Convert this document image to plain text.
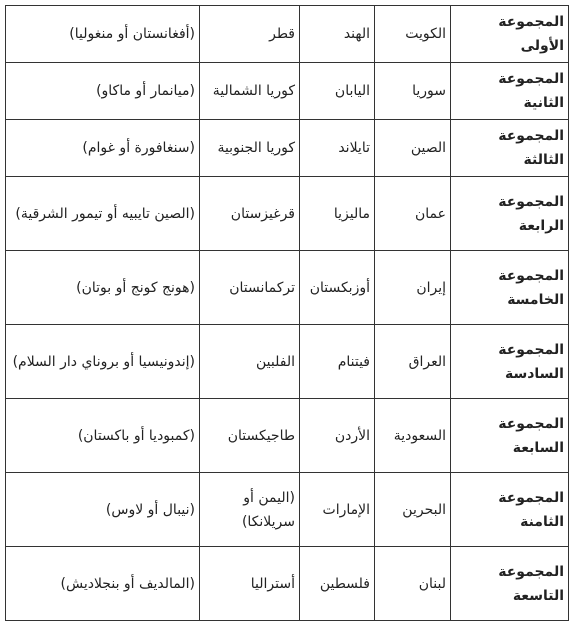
المجموعة الأولى	الكويت	الهند	قطر	(أفغانستان أو منغوليا)
المجموعة الثانية	سوريا	اليابان	كوريا الشمالية	(ميانمار أو ماكاو)
المجموعة الثالثة	الصين	تايلاند	كوريا الجنوبية	(سنغافورة أو غوام)
المجموعة الرابعة	عمان	ماليزيا	قرغيزستان	(الصين تايبيه أو تيمور الشرقية)
المجموعة الخامسة	إيران	أوزبكستان	تركمانستان	(هونج كونج أو بوتان)
المجموعة السادسة	العراق	فيتنام	الفلبين	(إندونيسيا أو بروناي دار السلام)
المجموعة السابعة	السعودية	الأردن	طاجيكستان	(كمبوديا أو باكستان)
المجموعة الثامنة	البحرين	الإمارات	(اليمن أو سريلانكا)	(نيبال أو لاوس)
المجموعة التاسعة	لبنان	فلسطين	أستراليا	(المالديف أو بنجلاديش)
